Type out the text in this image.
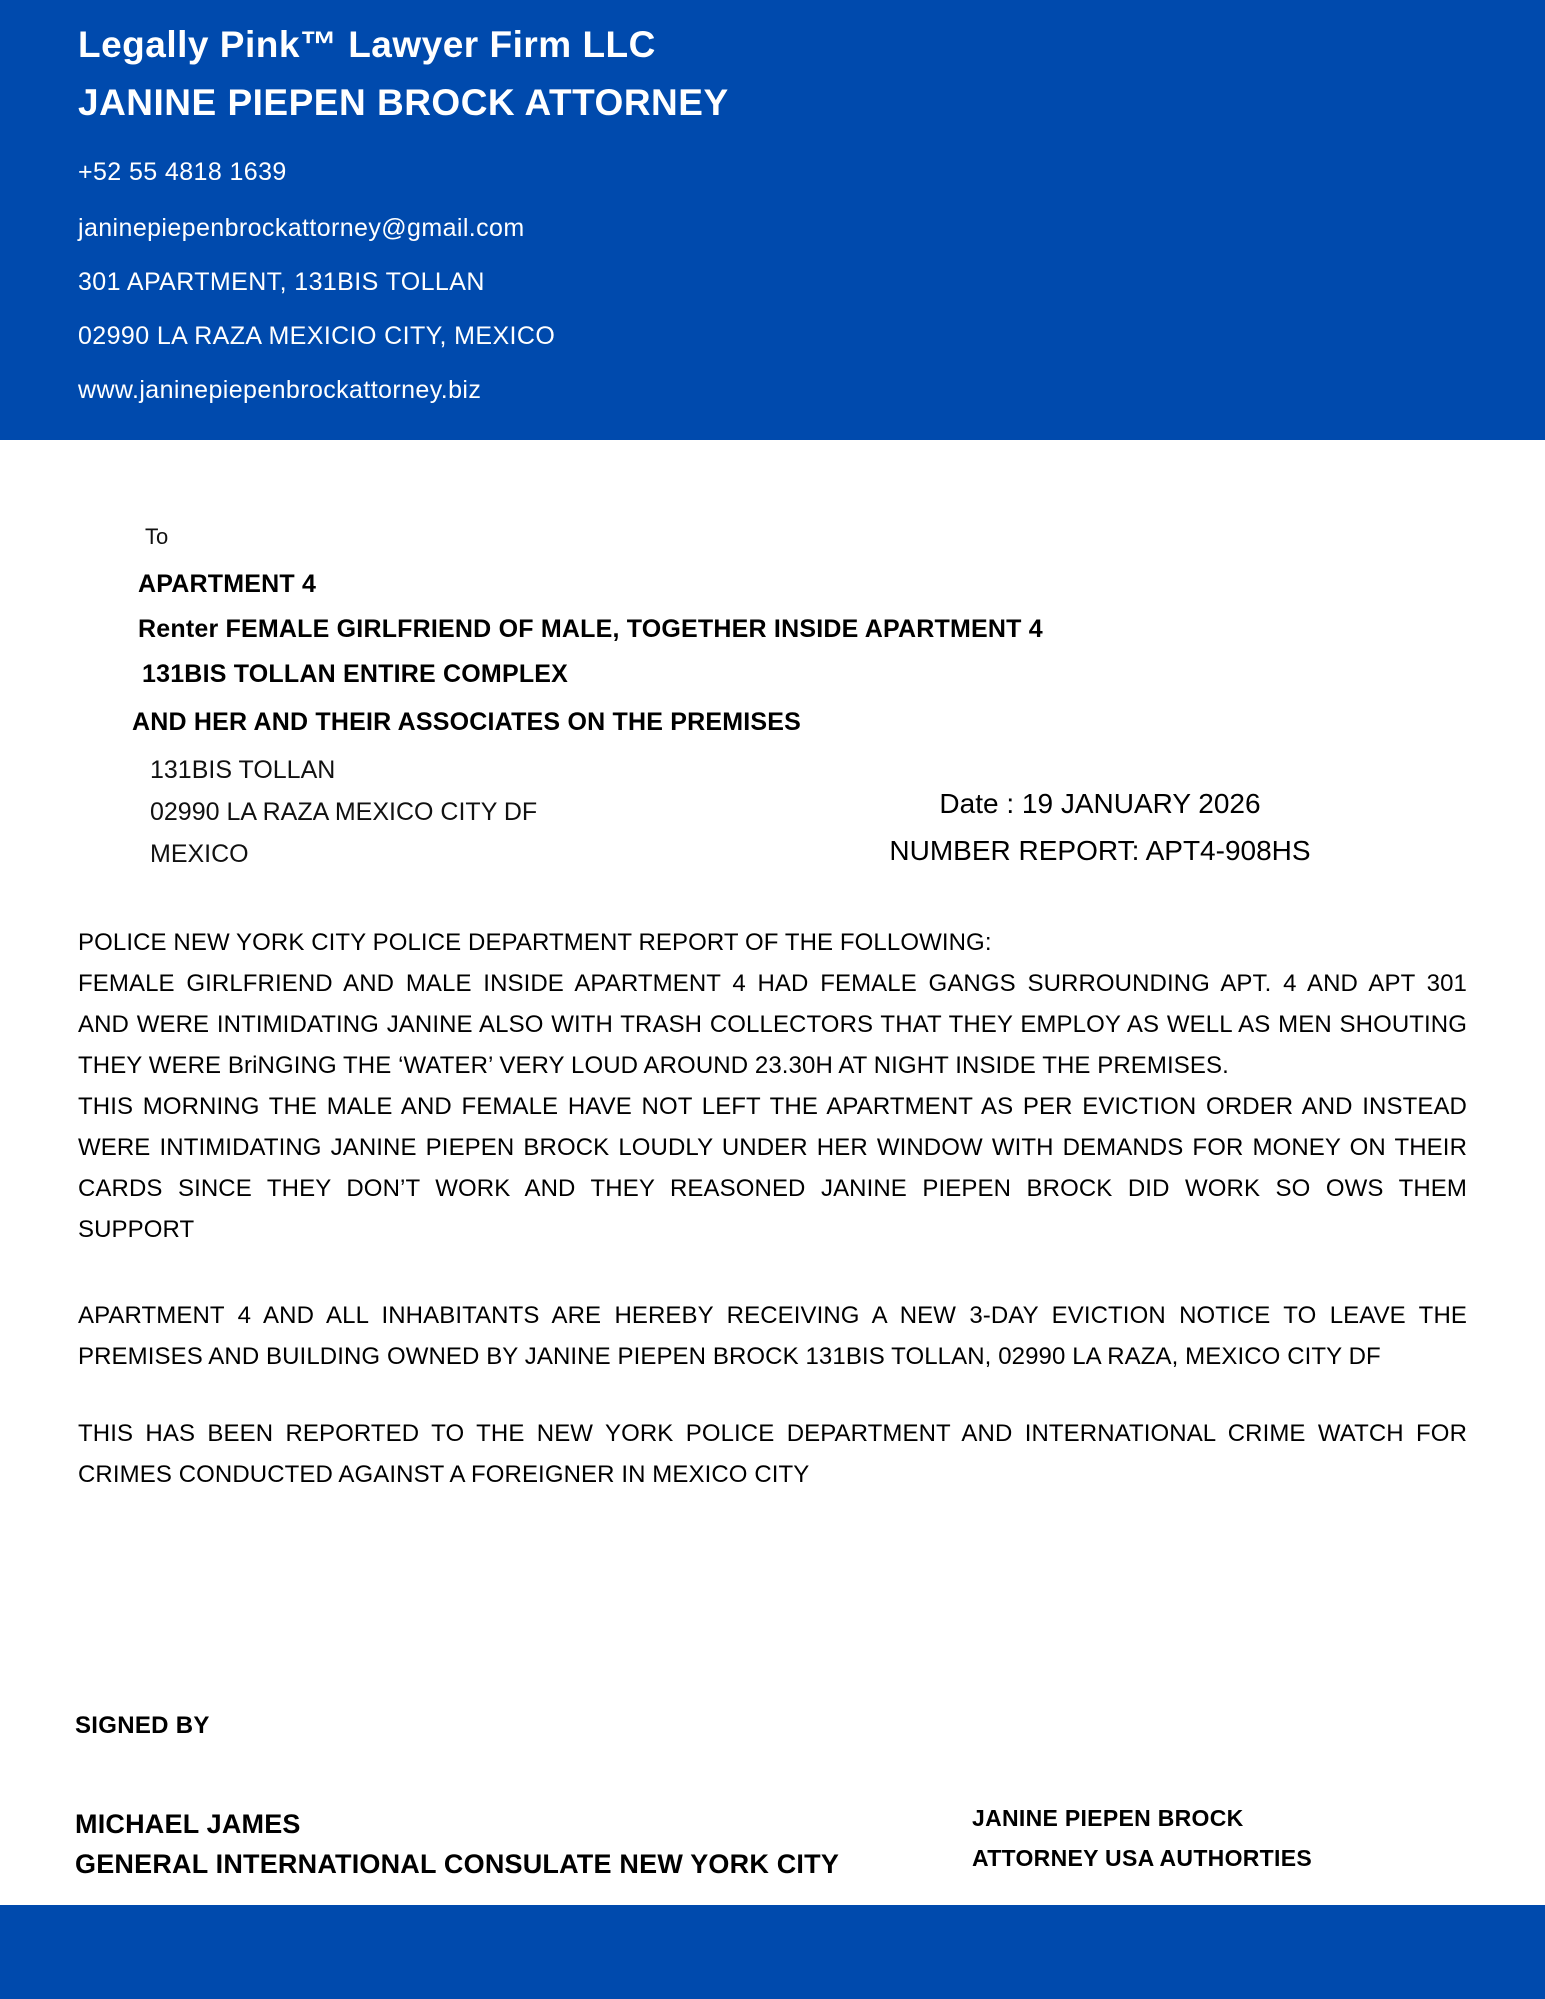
Legally Pink™ Lawyer Firm LLC
JANINE PIEPEN BROCK ATTORNEY
+52 55 4818 1639
janinepiepenbrockattorney@gmail.com
301 APARTMENT, 131BIS TOLLAN
02990 LA RAZA MEXICIO CITY, MEXICO
www.janinepiepenbrockattorney.biz
To
APARTMENT 4
Renter FEMALE GIRLFRIEND OF MALE, TOGETHER INSIDE APARTMENT 4
131BIS TOLLAN ENTIRE COMPLEX
AND HER AND THEIR ASSOCIATES ON THE PREMISES
131BIS TOLLAN
02990 LA RAZA MEXICO CITY DF
MEXICO
Date : 19 JANUARY 2026
NUMBER REPORT: APT4-908HS
POLICE NEW YORK CITY POLICE DEPARTMENT REPORT OF THE FOLLOWING:
FEMALE GIRLFRIEND AND MALE INSIDE APARTMENT 4 HAD FEMALE GANGS SURROUNDING APT. 4 AND APT 301
AND WERE INTIMIDATING JANINE ALSO WITH TRASH COLLECTORS THAT THEY EMPLOY AS WELL AS MEN SHOUTING
THEY WERE BriNGING THE ‘WATER’ VERY LOUD AROUND 23.30H AT NIGHT INSIDE THE PREMISES.
THIS MORNING THE MALE AND FEMALE HAVE NOT LEFT THE APARTMENT AS PER EVICTION ORDER AND INSTEAD
WERE INTIMIDATING JANINE PIEPEN BROCK LOUDLY UNDER HER WINDOW WITH DEMANDS FOR MONEY ON THEIR
CARDS SINCE THEY DON’T WORK AND THEY REASONED JANINE PIEPEN BROCK DID WORK SO OWS THEM
SUPPORT
APARTMENT 4 AND ALL INHABITANTS ARE HEREBY RECEIVING A NEW 3-DAY EVICTION NOTICE TO LEAVE THE
PREMISES AND BUILDING OWNED BY JANINE PIEPEN BROCK 131BIS TOLLAN, 02990 LA RAZA, MEXICO CITY DF
THIS HAS BEEN REPORTED TO THE NEW YORK POLICE DEPARTMENT AND INTERNATIONAL CRIME WATCH FOR
CRIMES CONDUCTED AGAINST A FOREIGNER IN MEXICO CITY
SIGNED BY
MICHAEL JAMES
GENERAL INTERNATIONAL CONSULATE NEW YORK CITY
JANINE PIEPEN BROCK
ATTORNEY USA AUTHORTIES
